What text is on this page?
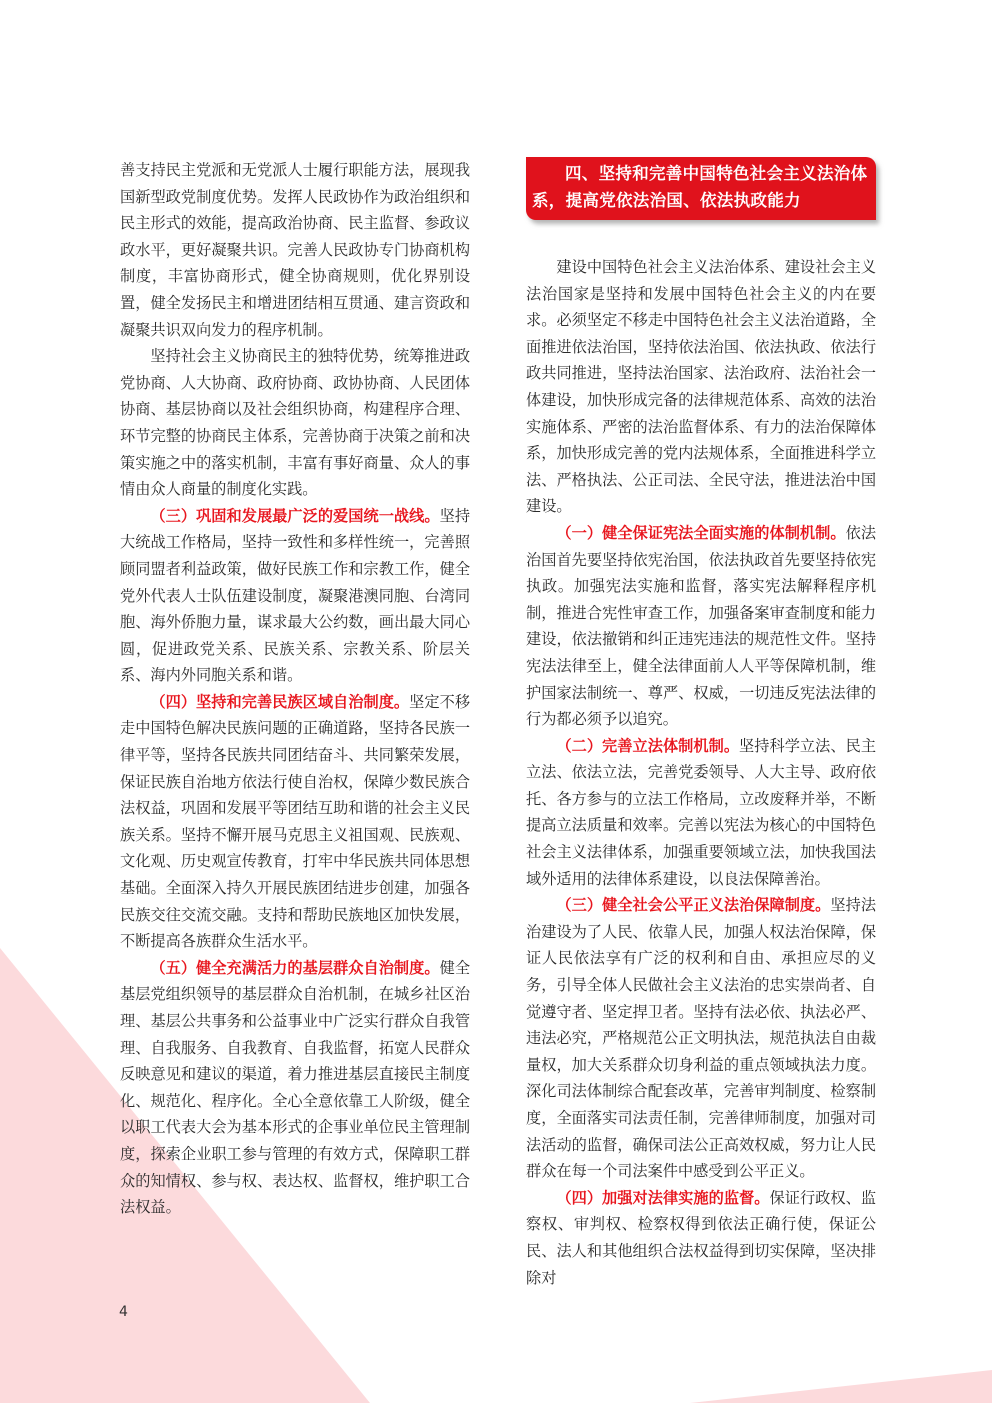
善支持民主党派和无党派人士履行职能方法，展现我国新型政党制度优势。发挥人民政协作为政治组织和民主形式的效能，提高政治协商、民主监督、参政议政水平，更好凝聚共识。完善人民政协专门协商机构制度，丰富协商形式，健全协商规则，优化界别设置，健全发扬民主和增进团结相互贯通、建言资政和凝聚共识双向发力的程序机制。

坚持社会主义协商民主的独特优势，统筹推进政党协商、人大协商、政府协商、政协协商、人民团体协商、基层协商以及社会组织协商，构建程序合理、环节完整的协商民主体系，完善协商于决策之前和决策实施之中的落实机制，丰富有事好商量、众人的事情由众人商量的制度化实践。

（三）巩固和发展最广泛的爱国统一战线。坚持大统战工作格局，坚持一致性和多样性统一，完善照顾同盟者利益政策，做好民族工作和宗教工作，健全党外代表人士队伍建设制度，凝聚港澳同胞、台湾同胞、海外侨胞力量，谋求最大公约数，画出最大同心圆，促进政党关系、民族关系、宗教关系、阶层关系、海内外同胞关系和谐。

（四）坚持和完善民族区域自治制度。坚定不移走中国特色解决民族问题的正确道路，坚持各民族一律平等，坚持各民族共同团结奋斗、共同繁荣发展，保证民族自治地方依法行使自治权，保障少数民族合法权益，巩固和发展平等团结互助和谐的社会主义民族关系。坚持不懈开展马克思主义祖国观、民族观、文化观、历史观宣传教育，打牢中华民族共同体思想基础。全面深入持久开展民族团结进步创建，加强各民族交往交流交融。支持和帮助民族地区加快发展，不断提高各族群众生活水平。

（五）健全充满活力的基层群众自治制度。健全基层党组织领导的基层群众自治机制，在城乡社区治理、基层公共事务和公益事业中广泛实行群众自我管理、自我服务、自我教育、自我监督，拓宽人民群众反映意见和建议的渠道，着力推进基层直接民主制度化、规范化、程序化。全心全意依靠工人阶级，健全以职工代表大会为基本形式的企事业单位民主管理制度，探索企业职工参与管理的有效方式，保障职工群众的知情权、参与权、表达权、监督权，维护职工合法权益。

四、坚持和完善中国特色社会主义法治体
系，提高党依法治国、依法执政能力

建设中国特色社会主义法治体系、建设社会主义法治国家是坚持和发展中国特色社会主义的内在要求。必须坚定不移走中国特色社会主义法治道路，全面推进依法治国，坚持依法治国、依法执政、依法行政共同推进，坚持法治国家、法治政府、法治社会一体建设，加快形成完备的法律规范体系、高效的法治实施体系、严密的法治监督体系、有力的法治保障体系，加快形成完善的党内法规体系，全面推进科学立法、严格执法、公正司法、全民守法，推进法治中国建设。

（一）健全保证宪法全面实施的体制机制。依法治国首先要坚持依宪治国，依法执政首先要坚持依宪执政。加强宪法实施和监督，落实宪法解释程序机制，推进合宪性审查工作，加强备案审查制度和能力建设，依法撤销和纠正违宪违法的规范性文件。坚持宪法法律至上，健全法律面前人人平等保障机制，维护国家法制统一、尊严、权威，一切违反宪法法律的行为都必须予以追究。

（二）完善立法体制机制。坚持科学立法、民主立法、依法立法，完善党委领导、人大主导、政府依托、各方参与的立法工作格局，立改废释并举，不断提高立法质量和效率。完善以宪法为核心的中国特色社会主义法律体系，加强重要领域立法，加快我国法域外适用的法律体系建设，以良法保障善治。

（三）健全社会公平正义法治保障制度。坚持法治建设为了人民、依靠人民，加强人权法治保障，保证人民依法享有广泛的权利和自由、承担应尽的义务，引导全体人民做社会主义法治的忠实崇尚者、自觉遵守者、坚定捍卫者。坚持有法必依、执法必严、违法必究，严格规范公正文明执法，规范执法自由裁量权，加大关系群众切身利益的重点领域执法力度。深化司法体制综合配套改革，完善审判制度、检察制度，全面落实司法责任制，完善律师制度，加强对司法活动的监督，确保司法公正高效权威，努力让人民群众在每一个司法案件中感受到公平正义。

（四）加强对法律实施的监督。保证行政权、监察权、审判权、检察权得到依法正确行使，保证公民、法人和其他组织合法权益得到切实保障，坚决排除对

4
